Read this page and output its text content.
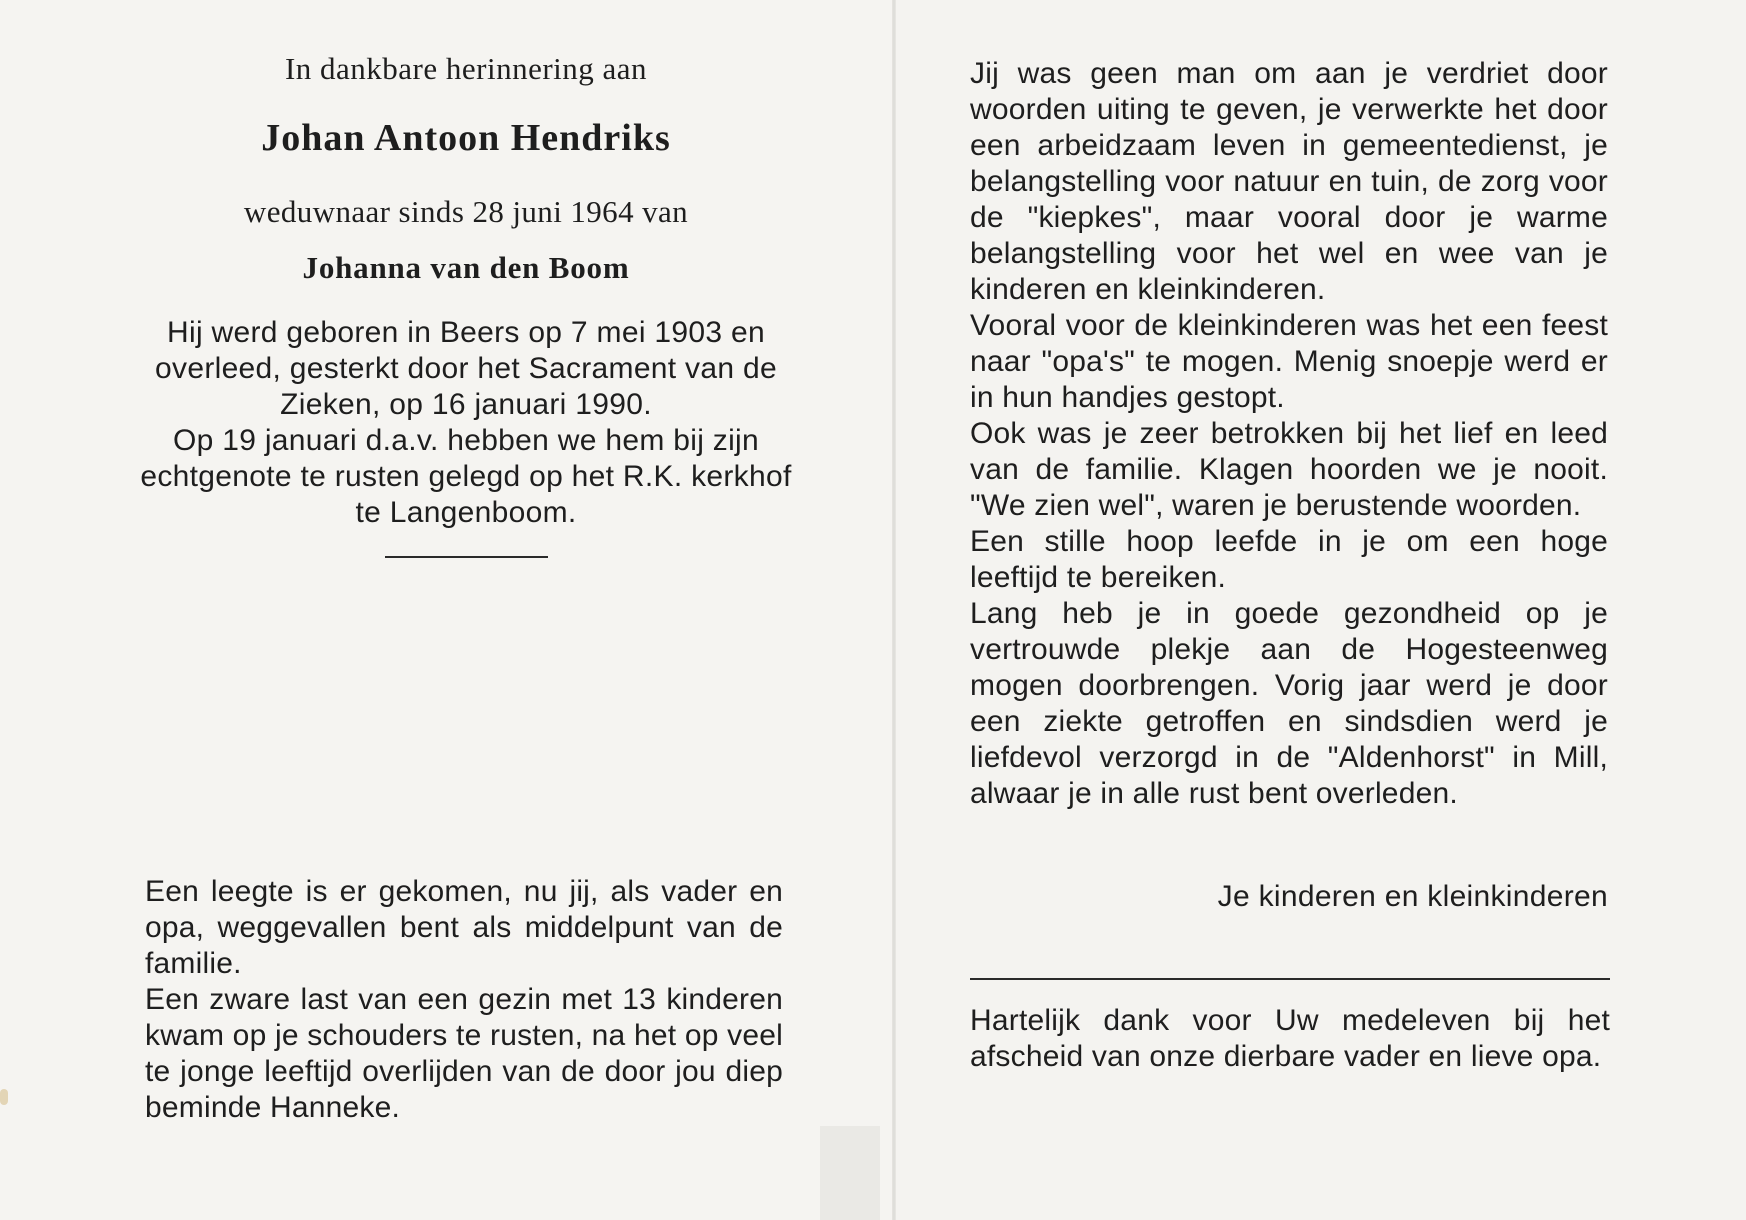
In dankbare herinnering aan
Johan Antoon Hendriks
weduwnaar sinds 28 juni 1964 van
Johanna van den Boom

Hij werd geboren in Beers op 7 mei 1903 en overleed, gesterkt door het Sacrament van de Zieken, op 16 januari 1990.

Op 19 januari d.a.v. hebben we hem bij zijn echtgenote te rusten gelegd op het R.K. kerkhof te Langenboom.

Een leegte is er gekomen, nu jij, als vader en opa, weggevallen bent als middelpunt van de familie.

Een zware last van een gezin met 13 kinderen kwam op je schouders te rusten, na het op veel te jonge leeftijd overlijden van de door jou diep beminde Hanneke.

Jij was geen man om aan je verdriet door woorden uiting te geven, je verwerkte het door een arbeidzaam leven in gemeentedienst, je belangstelling voor natuur en tuin, de zorg voor de "kiepkes", maar vooral door je warme belangstelling voor het wel en wee van je kinderen en kleinkinderen.

Vooral voor de kleinkinderen was het een feest naar "opa's" te mogen. Menig snoepje werd er in hun handjes gestopt.

Ook was je zeer betrokken bij het lief en leed van de familie. Klagen hoorden we je nooit. "We zien wel", waren je berustende woorden.

Een stille hoop leefde in je om een hoge leeftijd te bereiken.

Lang heb je in goede gezondheid op je vertrouwde plekje aan de Hogesteenweg mogen doorbrengen. Vorig jaar werd je door een ziekte getroffen en sindsdien werd je liefdevol verzorgd in de "Aldenhorst" in Mill, alwaar je in alle rust bent overleden.

Je kinderen en kleinkinderen

Hartelijk dank voor Uw medeleven bij het afscheid van onze dierbare vader en lieve opa.
